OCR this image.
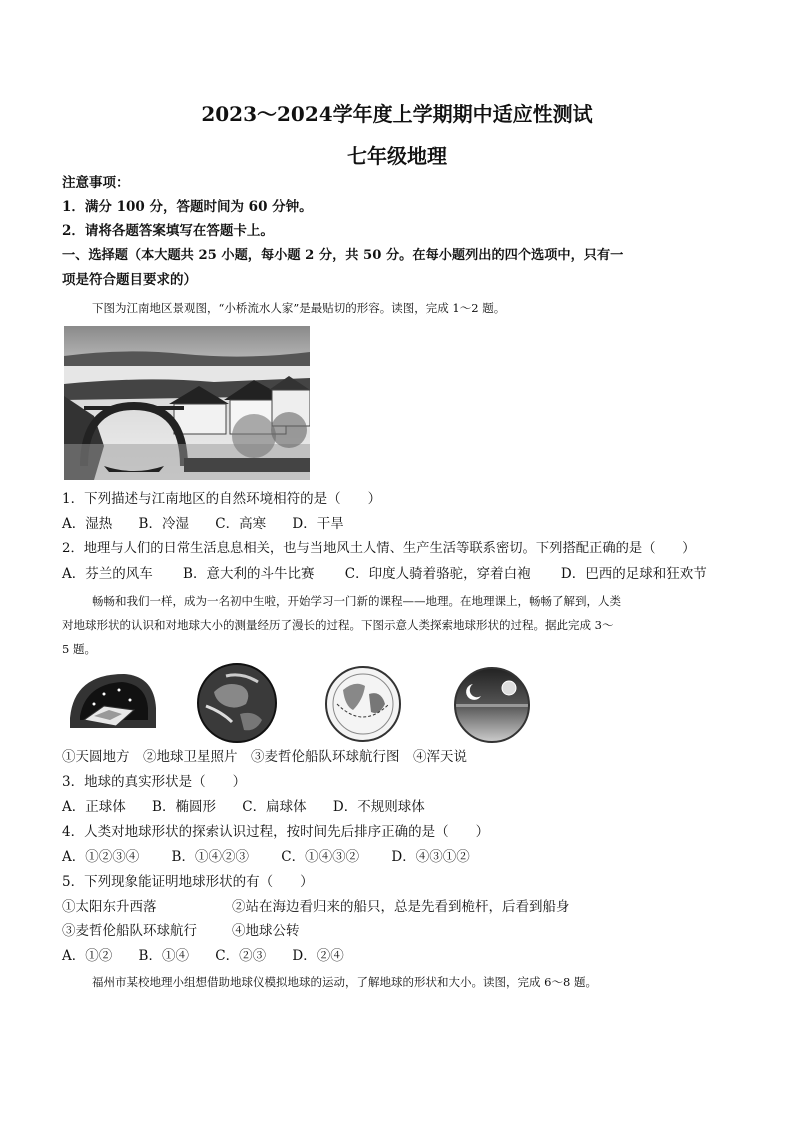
2023～2024学年度上学期期中适应性测试
七年级地理
注意事项：
1．满分 100 分，答题时间为 60 分钟。
2．请将各题答案填写在答题卡上。
一、选择题（本大题共 25 小题，每小题 2 分，共 50 分。在每小题列出的四个选项中，只有一
项是符合题目要求的）
下图为江南地区景观图，“小桥流水人家”是最贴切的形容。读图，完成 1～2 题。
1．下列描述与江南地区的自然环境相符的是（　　）
A．湿热 B．冷湿 C．高寒 D．干旱
2．地理与人们的日常生活息息相关，也与当地风土人情、生产生活等联系密切。下列搭配正确的是（　　）
A．芬兰的风车 B．意大利的斗牛比赛 C．印度人骑着骆驼，穿着白袍 D．巴西的足球和狂欢节
畅畅和我们一样，成为一名初中生啦，开始学习一门新的课程——地理。在地理课上，畅畅了解到，人类
对地球形状的认识和对地球大小的测量经历了漫长的过程。下图示意人类探索地球形状的过程。据此完成 3～
5 题。
①天圆地方　②地球卫星照片　③麦哲伦船队环球航行图　④浑天说
3．地球的真实形状是（　　）
A．正球体 B．椭圆形 C．扁球体 D．不规则球体
4．人类对地球形状的探索认识过程，按时间先后排序正确的是（　　）
A．①②③④ B．①④②③ C．①④③② D．④③①②
5．下列现象能证明地球形状的有（　　）
①太阳东升西落	②站在海边看归来的船只，总是先看到桅杆，后看到船身
③麦哲伦船队环球航行	④地球公转
A．①② B．①④ C．②③ D．②④
福州市某校地理小组想借助地球仪模拟地球的运动，了解地球的形状和大小。读图，完成 6～8 题。
